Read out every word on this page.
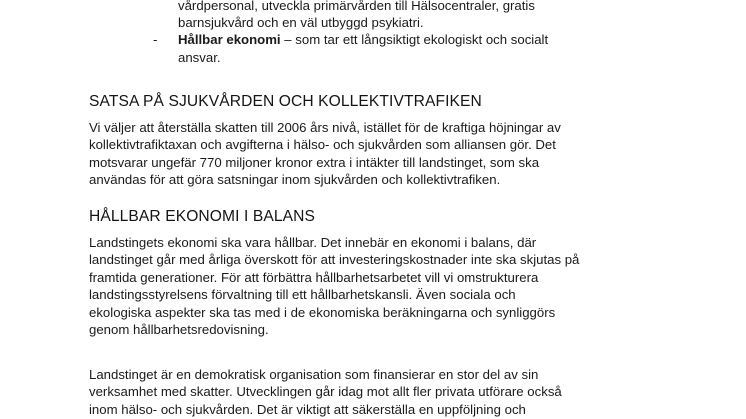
vårdpersonal, utveckla primärvården till Hälsocentraler, gratis
barnsjukvård och en väl utbyggd psykiatri.
-	Hållbar ekonomi – som tar ett långsiktigt ekologiskt och socialt
ansvar.
SATSA PÅ SJUKVÅRDEN OCH KOLLEKTIVTRAFIKEN
Vi väljer att återställa skatten till 2006 års nivå, istället för de kraftiga höjningar av
kollektivtrafiktaxan och avgifterna i hälso- och sjukvården som alliansen gör. Det
motsvarar ungefär 770 miljoner kronor extra i intäkter till landstinget, som ska
användas för att göra satsningar inom sjukvården och kollektivtrafiken.
HÅLLBAR EKONOMI I BALANS
Landstingets ekonomi ska vara hållbar. Det innebär en ekonomi i balans, där
landstinget går med årliga överskott för att investeringskostnader inte ska skjutas på
framtida generationer. För att förbättra hållbarhetsarbetet vill vi omstrukturera
landstingsstyrelsens förvaltning till ett hållbarhetskansli. Även sociala och
ekologiska aspekter ska tas med i de ekonomiska beräkningarna och synliggörs
genom hållbarhetsredovisning.
Landstinget är en demokratisk organisation som finansierar en stor del av sin
verksamhet med skatter. Utvecklingen går idag mot allt fler privata utförare också
inom hälso- och sjukvården. Det är viktigt att säkerställa en uppföljning och
